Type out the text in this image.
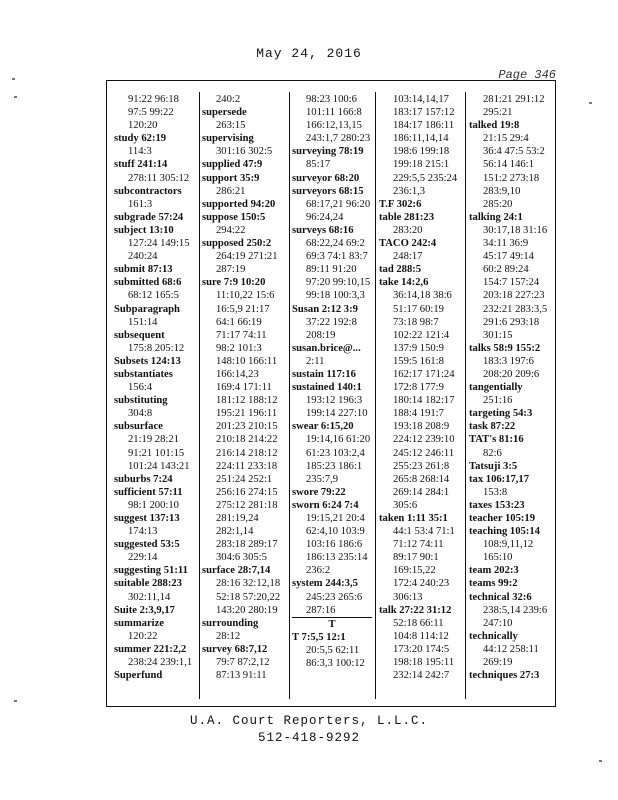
May 24, 2016
Page 346
91:22 96:18
97:5 99:22
120:20
study 62:19
114:3
stuff 241:14
278:11 305:12
subcontractors
161:3
subgrade 57:24
subject 13:10
127:24 149:15
240:24
submit 87:13
submitted 68:6
68:12 165:5
Subparagraph
151:14
subsequent
175:8 205:12
Subsets 124:13
substantiates
156:4
substituting
304:8
subsurface
21:19 28:21
91:21 101:15
101:24 143:21
suburbs 7:24
sufficient 57:11
98:1 200:10
suggest 137:13
174:13
suggested 53:5
229:14
suggesting 51:11
suitable 288:23
302:11,14
Suite 2:3,9,17
summarize
120:22
summer 221:2,2
238:24 239:1,1
Superfund
240:2
supersede
263:15
supervising
301:16 302:5
supplied 47:9
support 35:9
286:21
supported 94:20
suppose 150:5
294:22
supposed 250:2
264:19 271:21
287:19
sure 7:9 10:20
11:10,22 15:6
16:5,9 21:17
64:1 66:19
71:17 74:11
98:2 101:3
148:10 166:11
166:14,23
169:4 171:11
181:12 188:12
195:21 196:11
201:23 210:15
210:18 214:22
216:14 218:12
224:11 233:18
251:24 252:1
256:16 274:15
275:12 281:18
281:19,24
282:1,14
283:18 289:17
304:6 305:5
surface 28:7,14
28:16 32:12,18
52:18 57:20,22
143:20 280:19
surrounding
28:12
survey 68:7,12
79:7 87:2,12
87:13 91:11
98:23 100:6
101:11 166:8
166:12,13,15
243:1,7 280:23
surveying 78:19
85:17
surveyor 68:20
surveyors 68:15
68:17,21 96:20
96:24,24
surveys 68:16
68:22,24 69:2
69:3 74:1 83:7
89:11 91:20
97:20 99:10,15
99:18 100:3,3
Susan 2:12 3:9
37:22 192:8
208:19
susan.brice@...
2:11
sustain 117:16
sustained 140:1
193:12 196:3
199:14 227:10
swear 6:15,20
19:14,16 61:20
61:23 103:2,4
185:23 186:1
235:7,9
swore 79:22
sworn 6:24 7:4
19:15,21 20:4
62:4,10 103:9
103:16 186:6
186:13 235:14
236:2
system 244:3,5
245:23 265:6
287:16
T
T 7:5,5 12:1
20:5,5 62:11
86:3,3 100:12
103:14,14,17
183:17 157:12
184:17 186:11
186:11,14,14
198:6 199:18
199:18 215:1
229:5,5 235:24
236:1,3
T.F 302:6
table 281:23
283:20
TACO 242:4
248:17
tad 288:5
take 14:2,6
36:14,18 38:6
51:17 60:19
73:18 98:7
102:22 121:4
137:9 150:9
159:5 161:8
162:17 171:24
172:8 177:9
180:14 182:17
188:4 191:7
193:18 208:9
224:12 239:10
245:12 246:11
255:23 261:8
265:8 268:14
269:14 284:1
305:6
taken 1:11 35:1
44:1 53:4 71:1
71:12 74:11
89:17 90:1
169:15,22
172:4 240:23
306:13
talk 27:22 31:12
52:18 66:11
104:8 114:12
173:20 174:5
198:18 195:11
232:14 242:7
281:21 291:12
295:21
talked 19:8
21:15 29:4
36:4 47:5 53:2
56:14 146:1
151:2 273:18
283:9,10
285:20
talking 24:1
30:17,18 31:16
34:11 36:9
45:17 49:14
60:2 89:24
154:7 157:24
203:18 227:23
232:21 283:3,5
291:6 293:18
301:15
talks 58:9 155:2
183:3 197:6
208:20 209:6
tangentially
251:16
targeting 54:3
task 87:22
TAT's 81:16
82:6
Tatsuji 3:5
tax 106:17,17
153:8
taxes 153:23
teacher 105:19
teaching 105:14
108:9,11,12
165:10
team 202:3
teams 99:2
technical 32:6
238:5,14 239:6
247:10
technically
44:12 258:11
269:19
techniques 27:3
U.A. Court Reporters, L.L.C.
512-418-9292
